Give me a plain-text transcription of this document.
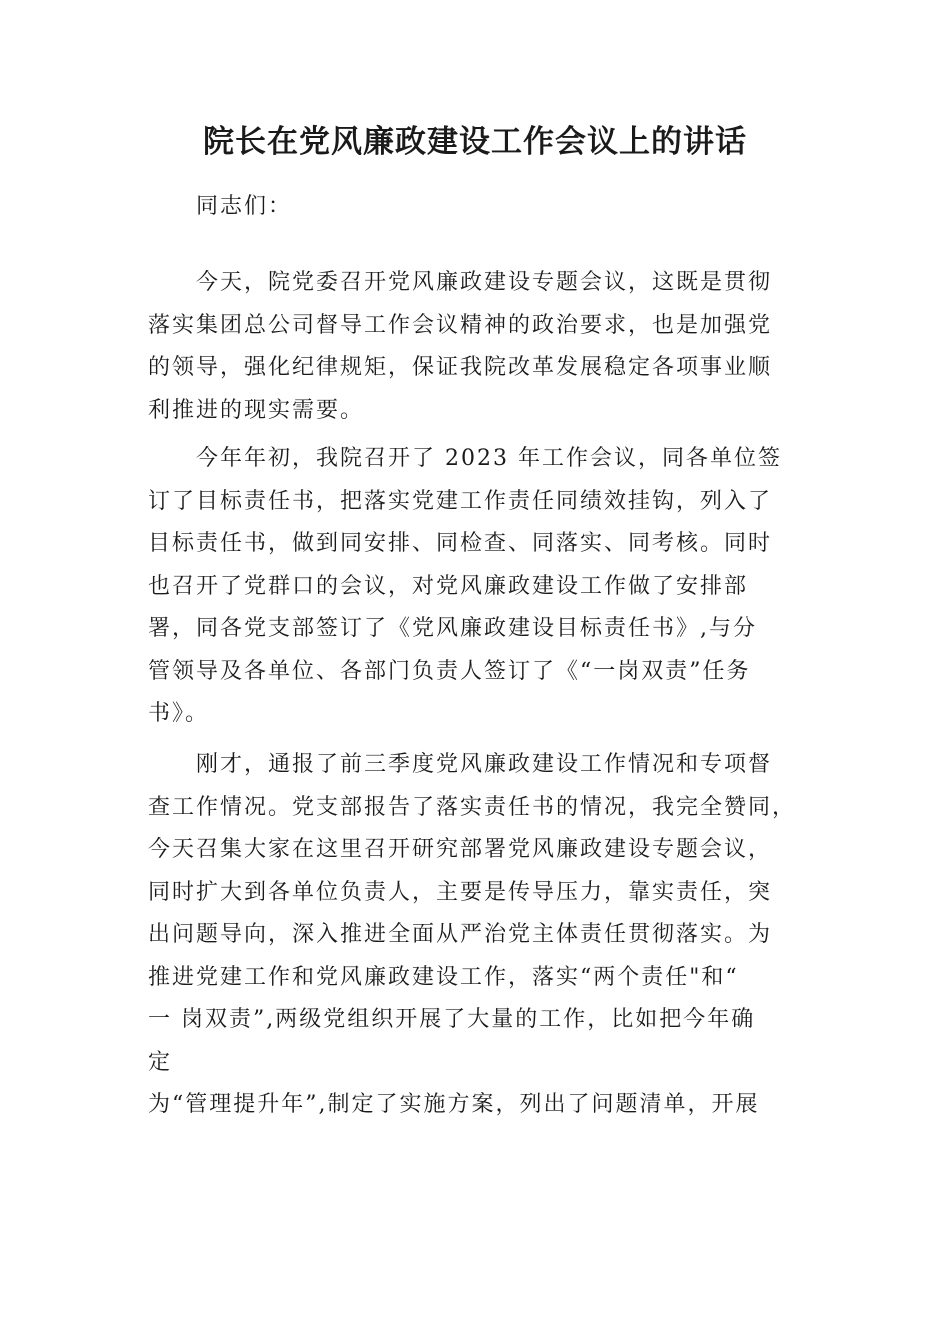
院长在党风廉政建设工作会议上的讲话
同志们：
今天，院党委召开党风廉政建设专题会议，这既是贯彻
落实集团总公司督导工作会议精神的政治要求，也是加强党
的领导，强化纪律规矩，保证我院改革发展稳定各项事业顺
利推进的现实需要。
今年年初，我院召开了 2023 年工作会议，同各单位签
订了目标责任书，把落实党建工作责任同绩效挂钩，列入了
目标责任书，做到同安排、同检查、同落实、同考核。同时
也召开了党群口的会议，对党风廉政建设工作做了安排部
署，同各党支部签订了《党风廉政建设目标责任书》,与分
管领导及各单位、各部门负责人签订了《“一岗双责”任务
书》。
刚才，通报了前三季度党风廉政建设工作情况和专项督
查工作情况。党支部报告了落实责任书的情况，我完全赞同，
今天召集大家在这里召开研究部署党风廉政建设专题会议，
同时扩大到各单位负责人，主要是传导压力，靠实责任，突
出问题导向，深入推进全面从严治党主体责任贯彻落实。为
推进党建工作和党风廉政建设工作，落实“两个责任"和“
一 岗双责”,两级党组织开展了大量的工作，比如把今年确
定
为“管理提升年”,制定了实施方案，列出了问题清单，开展
